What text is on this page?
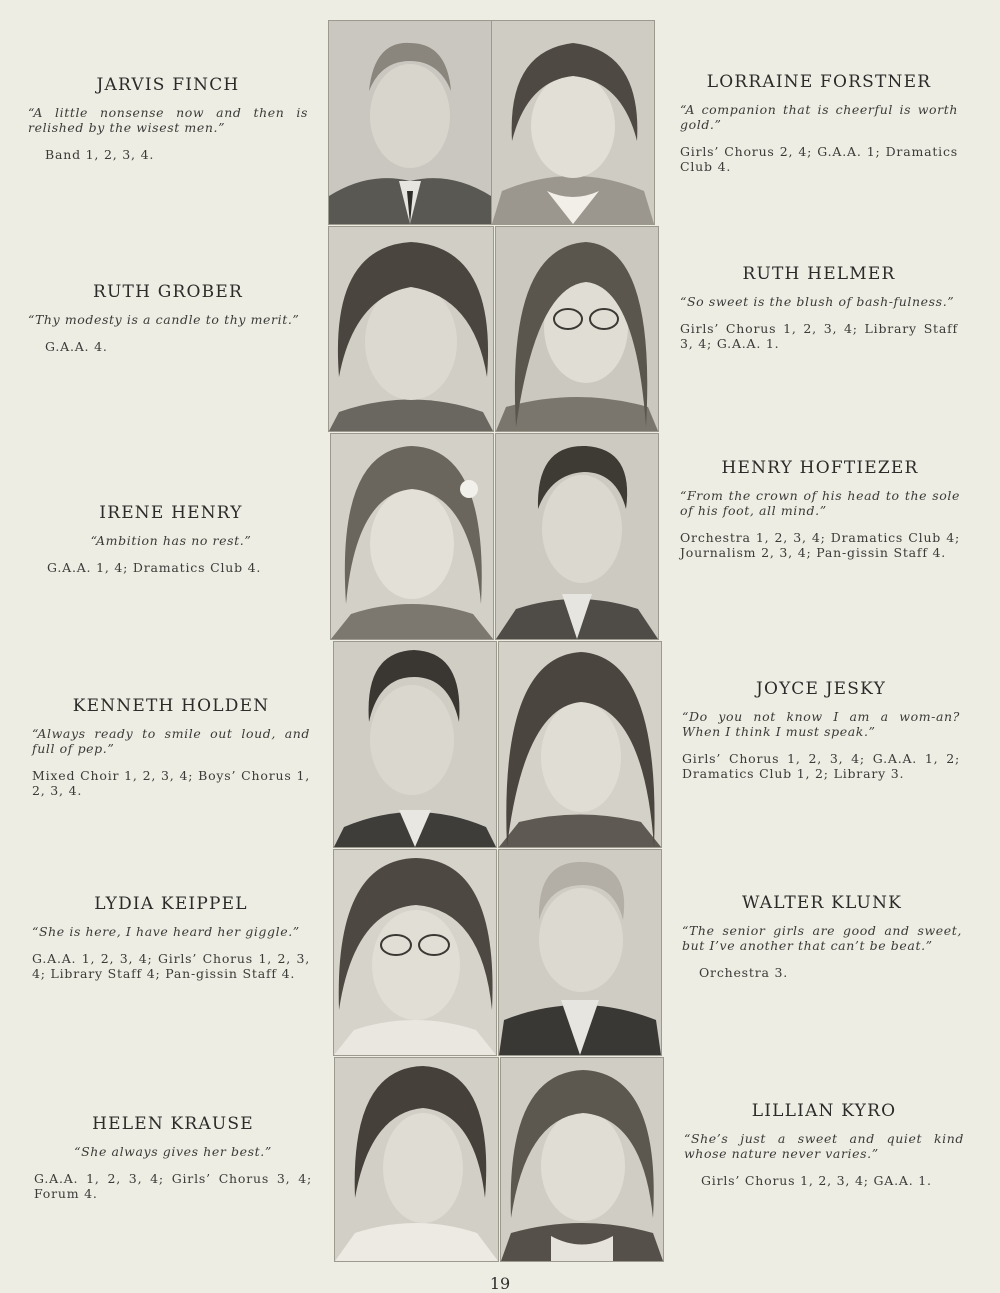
JARVIS FINCH
“A little nonsense now and then is relished by the wisest men.”
Band 1, 2, 3, 4.
RUTH GROBER
“Thy modesty is a candle to thy merit.”
G.A.A. 4.
IRENE HENRY
“Ambition has no rest.”
G.A.A. 1, 4; Dramatics Club 4.
KENNETH HOLDEN
“Always ready to smile out loud, and full of pep.”
Mixed Choir 1, 2, 3, 4; Boys’ Chorus 1, 2, 3, 4.
LYDIA KEIPPEL
“She is here, I have heard her giggle.”
G.A.A. 1, 2, 3, 4; Girls’ Chorus 1, 2, 3, 4; Library Staff 4; Pan-gissin Staff 4.
HELEN KRAUSE
“She always gives her best.”
G.A.A. 1, 2, 3, 4; Girls’ Chorus 3, 4; Forum 4.
LORRAINE FORSTNER
“A companion that is cheerful is worth gold.”
Girls’ Chorus 2, 4; G.A.A. 1; Dramatics Club 4.
RUTH HELMER
“So sweet is the blush of bash-fulness.”
Girls’ Chorus 1, 2, 3, 4; Library Staff 3, 4; G.A.A. 1.
HENRY HOFTIEZER
“From the crown of his head to the sole of his foot, all mind.”
Orchestra 1, 2, 3, 4; Dramatics Club 4; Journalism 2, 3, 4; Pan-gissin Staff 4.
JOYCE JESKY
“Do you not know I am a wom-an? When I think I must speak.”
Girls’ Chorus 1, 2, 3, 4; G.A.A. 1, 2; Dramatics Club 1, 2; Library 3.
WALTER KLUNK
“The senior girls are good and sweet, but I’ve another that can’t be beat.”
Orchestra 3.
LILLIAN KYRO
“She’s just a sweet and quiet kind whose nature never varies.”
Girls’ Chorus 1, 2, 3, 4; GA.A. 1.
19
